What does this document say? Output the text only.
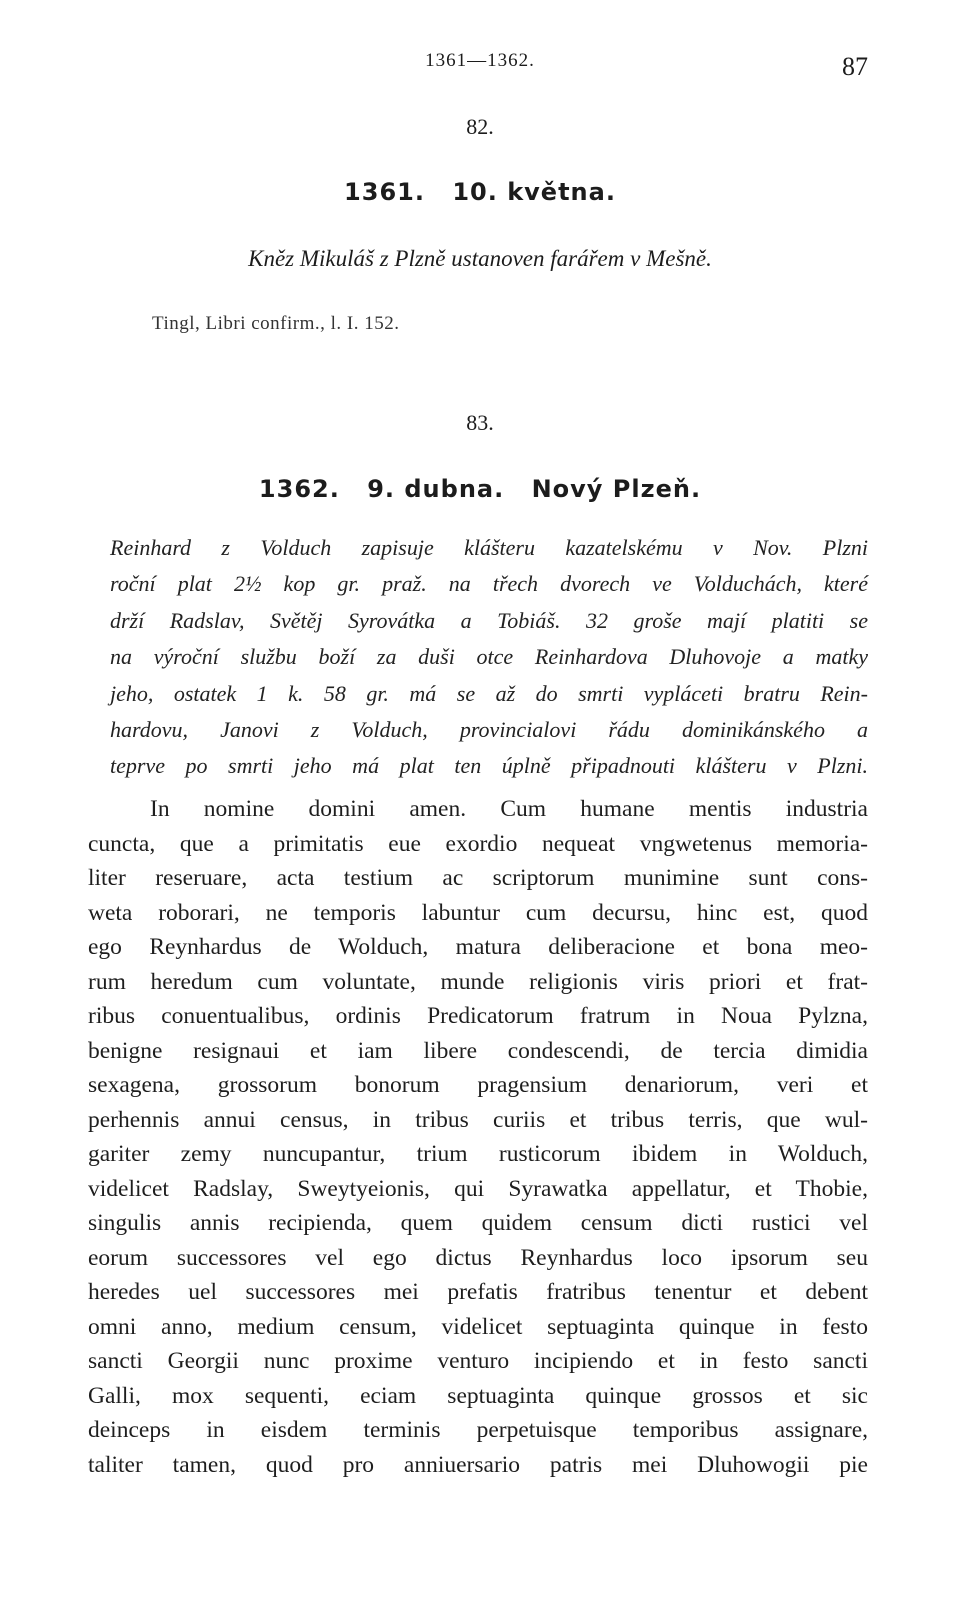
1361—1362.	87
82.
1361. 10. května.
Kněz Mikuláš z Plzně ustanoven farářem v Mešně.
Tingl, Libri confirm., l. I. 152.
83.
1362. 9. dubna. Nový Plzeň.
Reinhard z Volduch zapisuje klášteru kazatelskému v Nov. Plzni
roční plat 2½ kop gr. praž. na třech dvorech ve Volduchách, které
drží Radslav, Světěj Syrovátka a Tobiáš. 32 groše mají platiti se
na výroční službu boží za duši otce Reinhardova Dluhovoje a matky
jeho, ostatek 1 k. 58 gr. má se až do smrti vypláceti bratru Rein-
hardovu, Janovi z Volduch, provincialovi řádu dominikánského a
teprve po smrti jeho má plat ten úplně připadnouti klášteru v Plzni.
In nomine domini amen. Cum humane mentis industria
cuncta, que a primitatis eue exordio nequeat vngwetenus memoria-
liter reseruare, acta testium ac scriptorum munimine sunt cons-
weta roborari, ne temporis labuntur cum decursu, hinc est, quod
ego Reynhardus de Wolduch, matura deliberacione et bona meo-
rum heredum cum voluntate, munde religionis viris priori et frat-
ribus conuentualibus, ordinis Predicatorum fratrum in Noua Pylzna,
benigne resignaui et iam libere condescendi, de tercia dimidia
sexagena, grossorum bonorum pragensium denariorum, veri et
perhennis annui census, in tribus curiis et tribus terris, que wul-
gariter zemy nuncupantur, trium rusticorum ibidem in Wolduch,
videlicet Radslay, Sweytyeionis, qui Syrawatka appellatur, et Thobie,
singulis annis recipienda, quem quidem censum dicti rustici vel
eorum successores vel ego dictus Reynhardus loco ipsorum seu
heredes uel successores mei prefatis fratribus tenentur et debent
omni anno, medium censum, videlicet septuaginta quinque in festo
sancti Georgii nunc proxime venturo incipiendo et in festo sancti
Galli, mox sequenti, eciam septuaginta quinque grossos et sic
deinceps in eisdem terminis perpetuisque temporibus assignare,
taliter tamen, quod pro anniuersario patris mei Dluhowogii pie
